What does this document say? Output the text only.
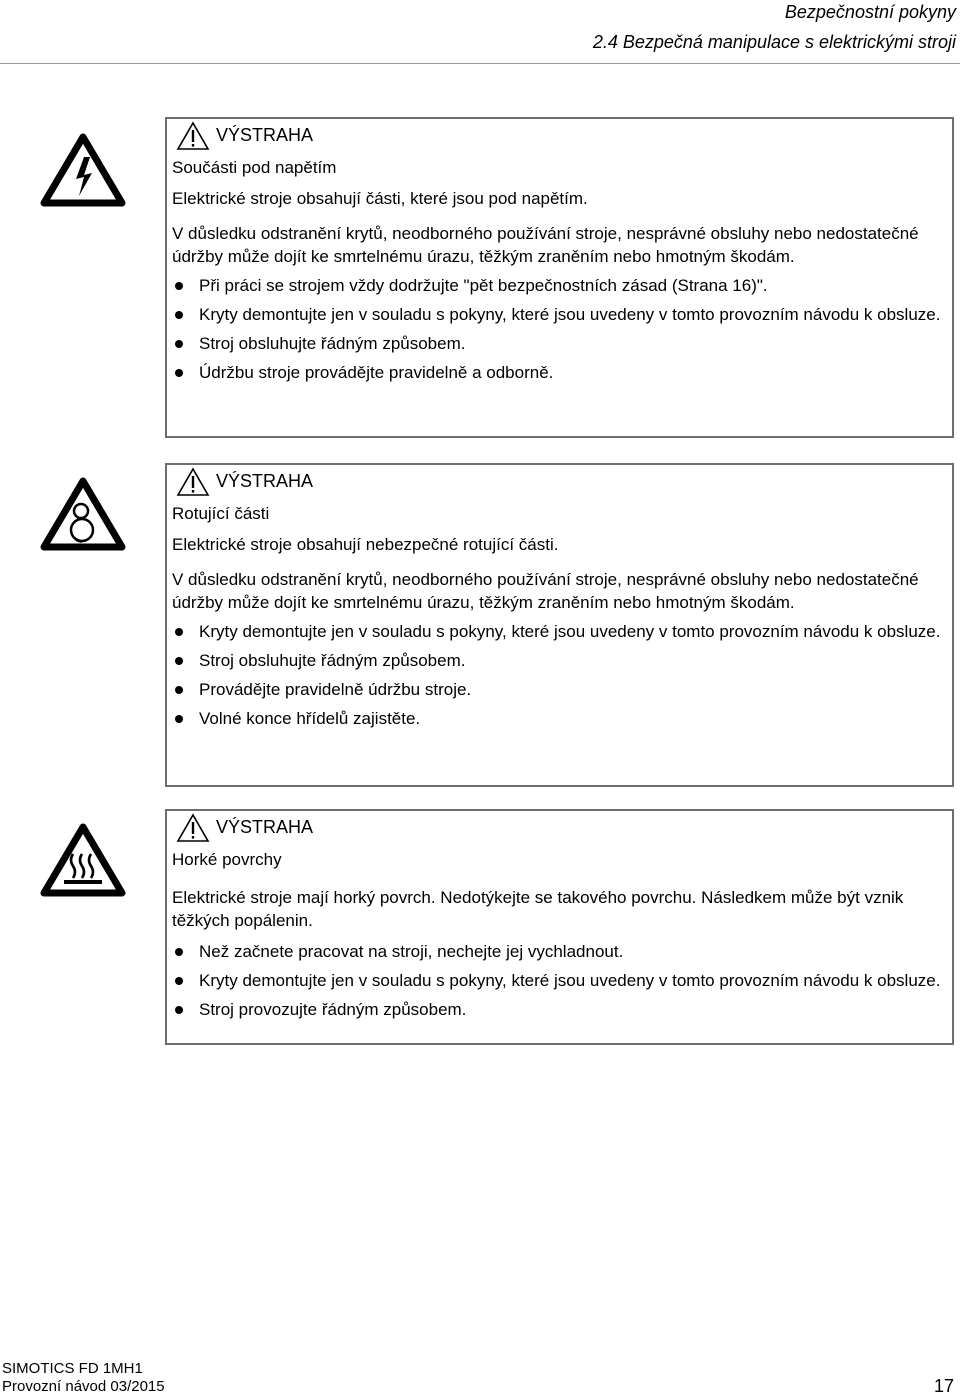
Bezpečnostní pokyny
2.4 Bezpečná manipulace s elektrickými stroji
VÝSTRAHA
Součásti pod napětím

Elektrické stroje obsahují části, které jsou pod napětím.

V důsledku odstranění krytů, neodborného používání stroje, nesprávné obsluhy nebo nedostatečné údržby může dojít ke smrtelnému úrazu, těžkým zraněním nebo hmotným škodám.

Při práci se strojem vždy dodržujte "pět bezpečnostních zásad (Strana 16)".
Kryty demontujte jen v souladu s pokyny, které jsou uvedeny v tomto provozním návodu k obsluze.
Stroj obsluhujte řádným způsobem.
Údržbu stroje provádějte pravidelně a odborně.
VÝSTRAHA
Rotující části

Elektrické stroje obsahují nebezpečné rotující části.

V důsledku odstranění krytů, neodborného používání stroje, nesprávné obsluhy nebo nedostatečné údržby může dojít ke smrtelnému úrazu, těžkým zraněním nebo hmotným škodám.

Kryty demontujte jen v souladu s pokyny, které jsou uvedeny v tomto provozním návodu k obsluze.
Stroj obsluhujte řádným způsobem.
Provádějte pravidelně údržbu stroje.
Volné konce hřídelů zajistěte.
VÝSTRAHA
Horké povrchy

Elektrické stroje mají horký povrch. Nedotýkejte se takového povrchu. Následkem může být vznik těžkých popálenin.

Než začnete pracovat na stroji, nechejte jej vychladnout.
Kryty demontujte jen v souladu s pokyny, které jsou uvedeny v tomto provozním návodu k obsluze.
Stroj provozujte řádným způsobem.
SIMOTICS FD 1MH1
Provozní návod 03/2015	17
